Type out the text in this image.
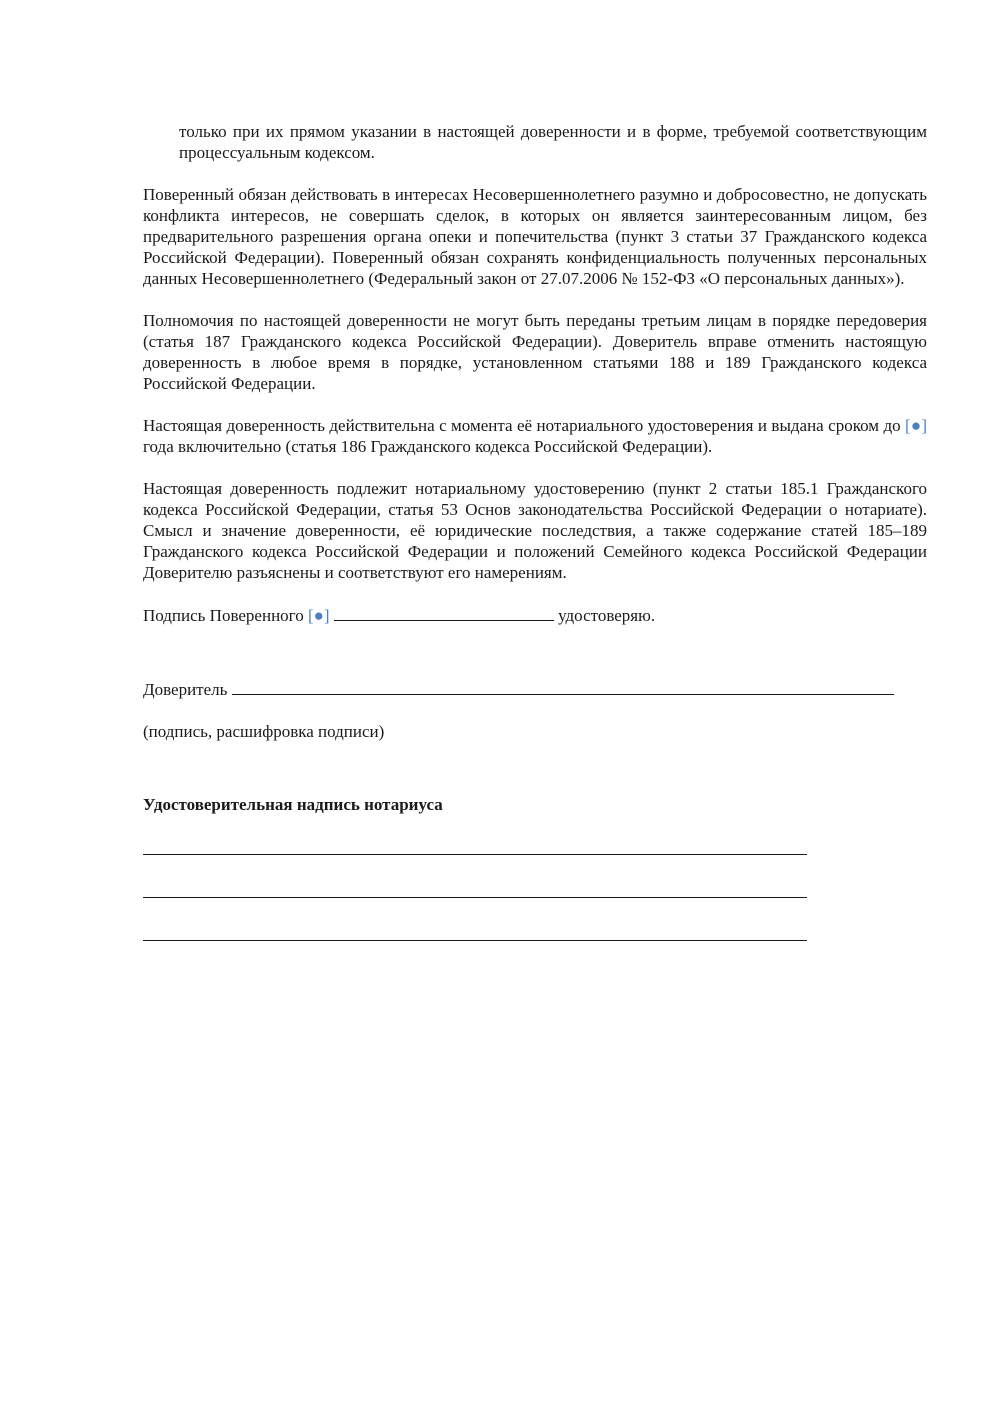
только при их прямом указании в настоящей доверенности и в форме, требуемой соответствующим процессуальным кодексом.

Поверенный обязан действовать в интересах Несовершеннолетнего разумно и добросовестно, не допускать конфликта интересов, не совершать сделок, в которых он является заинтересованным лицом, без предварительного разрешения органа опеки и попечительства (пункт 3 статьи 37 Гражданского кодекса Российской Федерации). Поверенный обязан сохранять конфиденциальность полученных персональных данных Несовершеннолетнего (Федеральный закон от 27.07.2006 № 152-ФЗ «О персональных данных»).

Полномочия по настоящей доверенности не могут быть переданы третьим лицам в порядке передоверия (статья 187 Гражданского кодекса Российской Федерации). Доверитель вправе отменить настоящую доверенность в любое время в порядке, установленном статьями 188 и 189 Гражданского кодекса Российской Федерации.

Настоящая доверенность действительна с момента её нотариального удостоверения и выдана сроком до [●] года включительно (статья 186 Гражданского кодекса Российской Федерации).

Настоящая доверенность подлежит нотариальному удостоверению (пункт 2 статьи 185.1 Гражданского кодекса Российской Федерации, статья 53 Основ законодательства Российской Федерации о нотариате). Смысл и значение доверенности, её юридические последствия, а также содержание статей 185–189 Гражданского кодекса Российской Федерации и положений Семейного кодекса Российской Федерации Доверителю разъяснены и соответствуют его намерениям.

Подпись Поверенного [●]	удостоверяю.

Доверитель

(подпись, расшифровка подписи)

Удостоверительная надпись нотариуса
